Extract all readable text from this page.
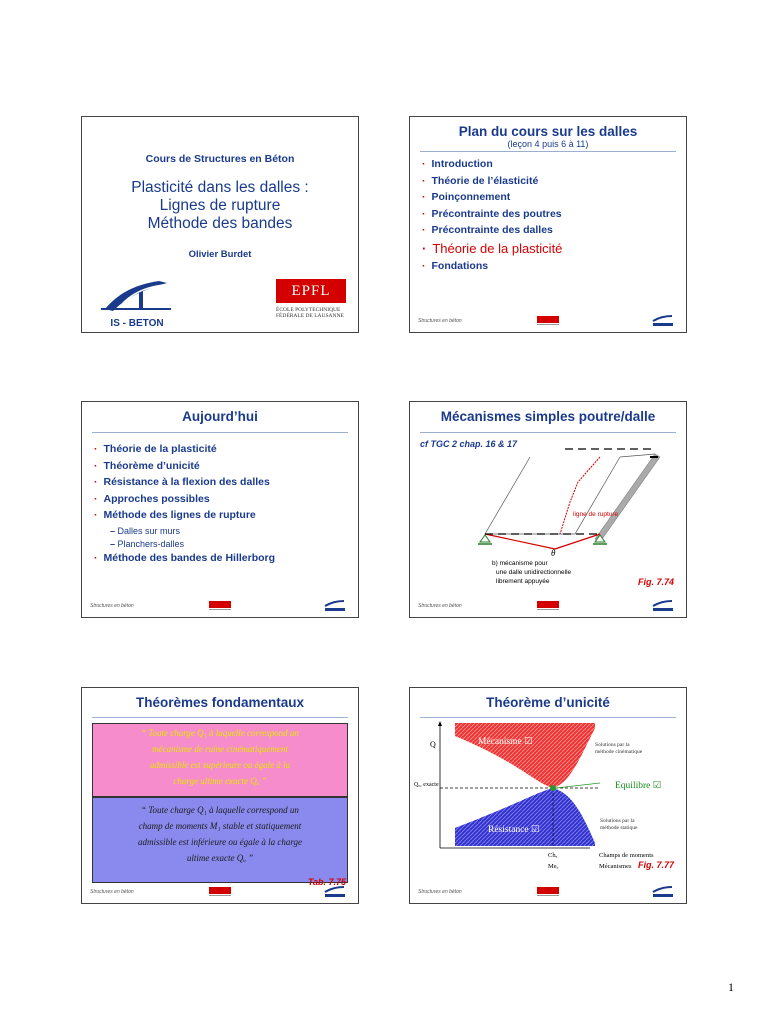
Cours de Structures en Béton
Plasticité dans les dalles :
Lignes de rupture
Méthode des bandes
Olivier Burdet
IS - BETON
EPFL
ÉCOLE POLYTECHNIQUE
FÉDÉRALE DE LAUSANNE
Plan du cours sur les dalles
(leçon 4 puis 6 à 11)
· Introduction
· Théorie de l’élasticité
· Poinçonnement
· Précontrainte des poutres
· Précontrainte des dalles
· Théorie de la plasticité
· Fondations
Structures en béton
Aujourd’hui
· Théorie de la plasticité
· Théorème d’unicité
· Résistance à la flexion des dalles
· Approches possibles
· Méthode des lignes de rupture
– Dalles sur murs
– Planchers-dalles
· Méthode des bandes de Hillerborg
Structures en béton
Mécanismes simples poutre/dalle
cf TGC 2 chap. 16 & 17
ligne de rupture
θ
b) mécanisme pour
une dalle unidirectionnelle
librement appuyée	Fig. 7.74
Structures en béton
Théorèmes fondamentaux
“ Toute charge Q₁ à laquelle correspond un
mécanisme de ruine cinématiquement
admissible est supérieure ou égale à la
charge ultime exacte Qᵤ ”
“ Toute charge Q₁ à laquelle correspond un
champ de moments M₁ stable et statiquement
admissible est inférieure ou égale à la charge
ultime exacte Qᵤ ”
Tab. 7.75
Structures en béton
Théorème d’unicité
Q
Qᵤ, exacte
Mécanisme ☑
Résistance ☑
Equilibre ☑
Solutions par la
méthode cinématique
Solutions par la
méthode statique
Chₐ
Meₐ
Champs de moments
Mécanismes Fig. 7.77
Structures en béton
1
